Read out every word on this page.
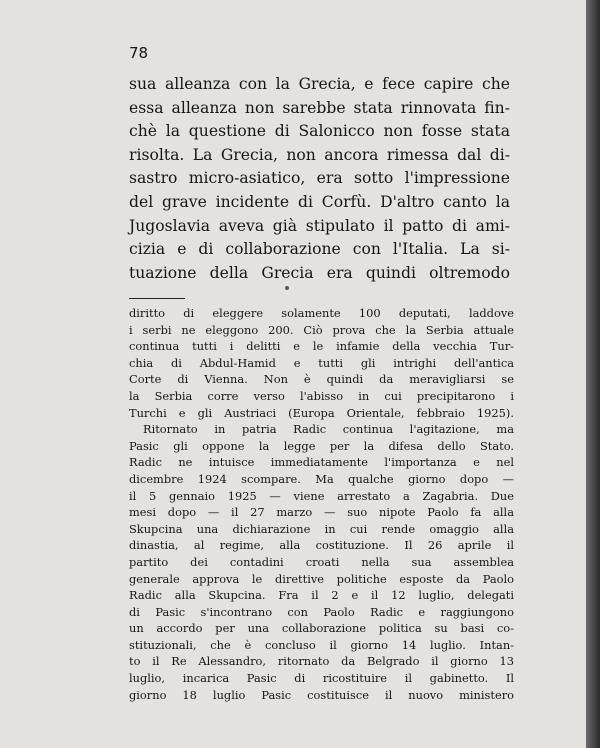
78
sua alleanza con la Grecia, e fece capire che
essa alleanza non sarebbe stata rinnovata fin-
chè la questione di Salonicco non fosse stata
risolta. La Grecia, non ancora rimessa dal di-
sastro micro-asiatico, era sotto l'impressione
del grave incidente di Corfù. D'altro canto la
Jugoslavia aveva già stipulato il patto di ami-
cizia e di collaborazione con l'Italia. La si-
tuazione della Grecia era quindi oltremodo
diritto di eleggere solamente 100 deputati, laddove
i serbi ne eleggono 200. Ciò prova che la Serbia attuale
continua tutti i delitti e le infamie della vecchia Tur-
chia di Abdul-Hamid e tutti gli intrighi dell'antica
Corte di Vienna. Non è quindi da meravigliarsi se
la Serbia corre verso l'abisso in cui precipitarono i
Turchi e gli Austriaci (Europa Orientale, febbraio 1925).
Ritornato in patria Radic continua l'agitazione, ma
Pasic gli oppone la legge per la difesa dello Stato.
Radic ne intuisce immediatamente l'importanza e nel
dicembre 1924 scompare. Ma qualche giorno dopo —
il 5 gennaio 1925 — viene arrestato a Zagabria. Due
mesi dopo — il 27 marzo — suo nipote Paolo fa alla
Skupcina una dichiarazione in cui rende omaggio alla
dinastia, al regime, alla costituzione. Il 26 aprile il
partito dei contadini croati nella sua assemblea
generale approva le direttive politiche esposte da Paolo
Radic alla Skupcina. Fra il 2 e il 12 luglio, delegati
di Pasic s'incontrano con Paolo Radic e raggiungono
un accordo per una collaborazione politica su basi co-
stituzionali, che è concluso il giorno 14 luglio. Intan-
to il Re Alessandro, ritornato da Belgrado il giorno 13
luglio, incarica Pasic di ricostituire il gabinetto. Il
giorno 18 luglio Pasic costituisce il nuovo ministero
